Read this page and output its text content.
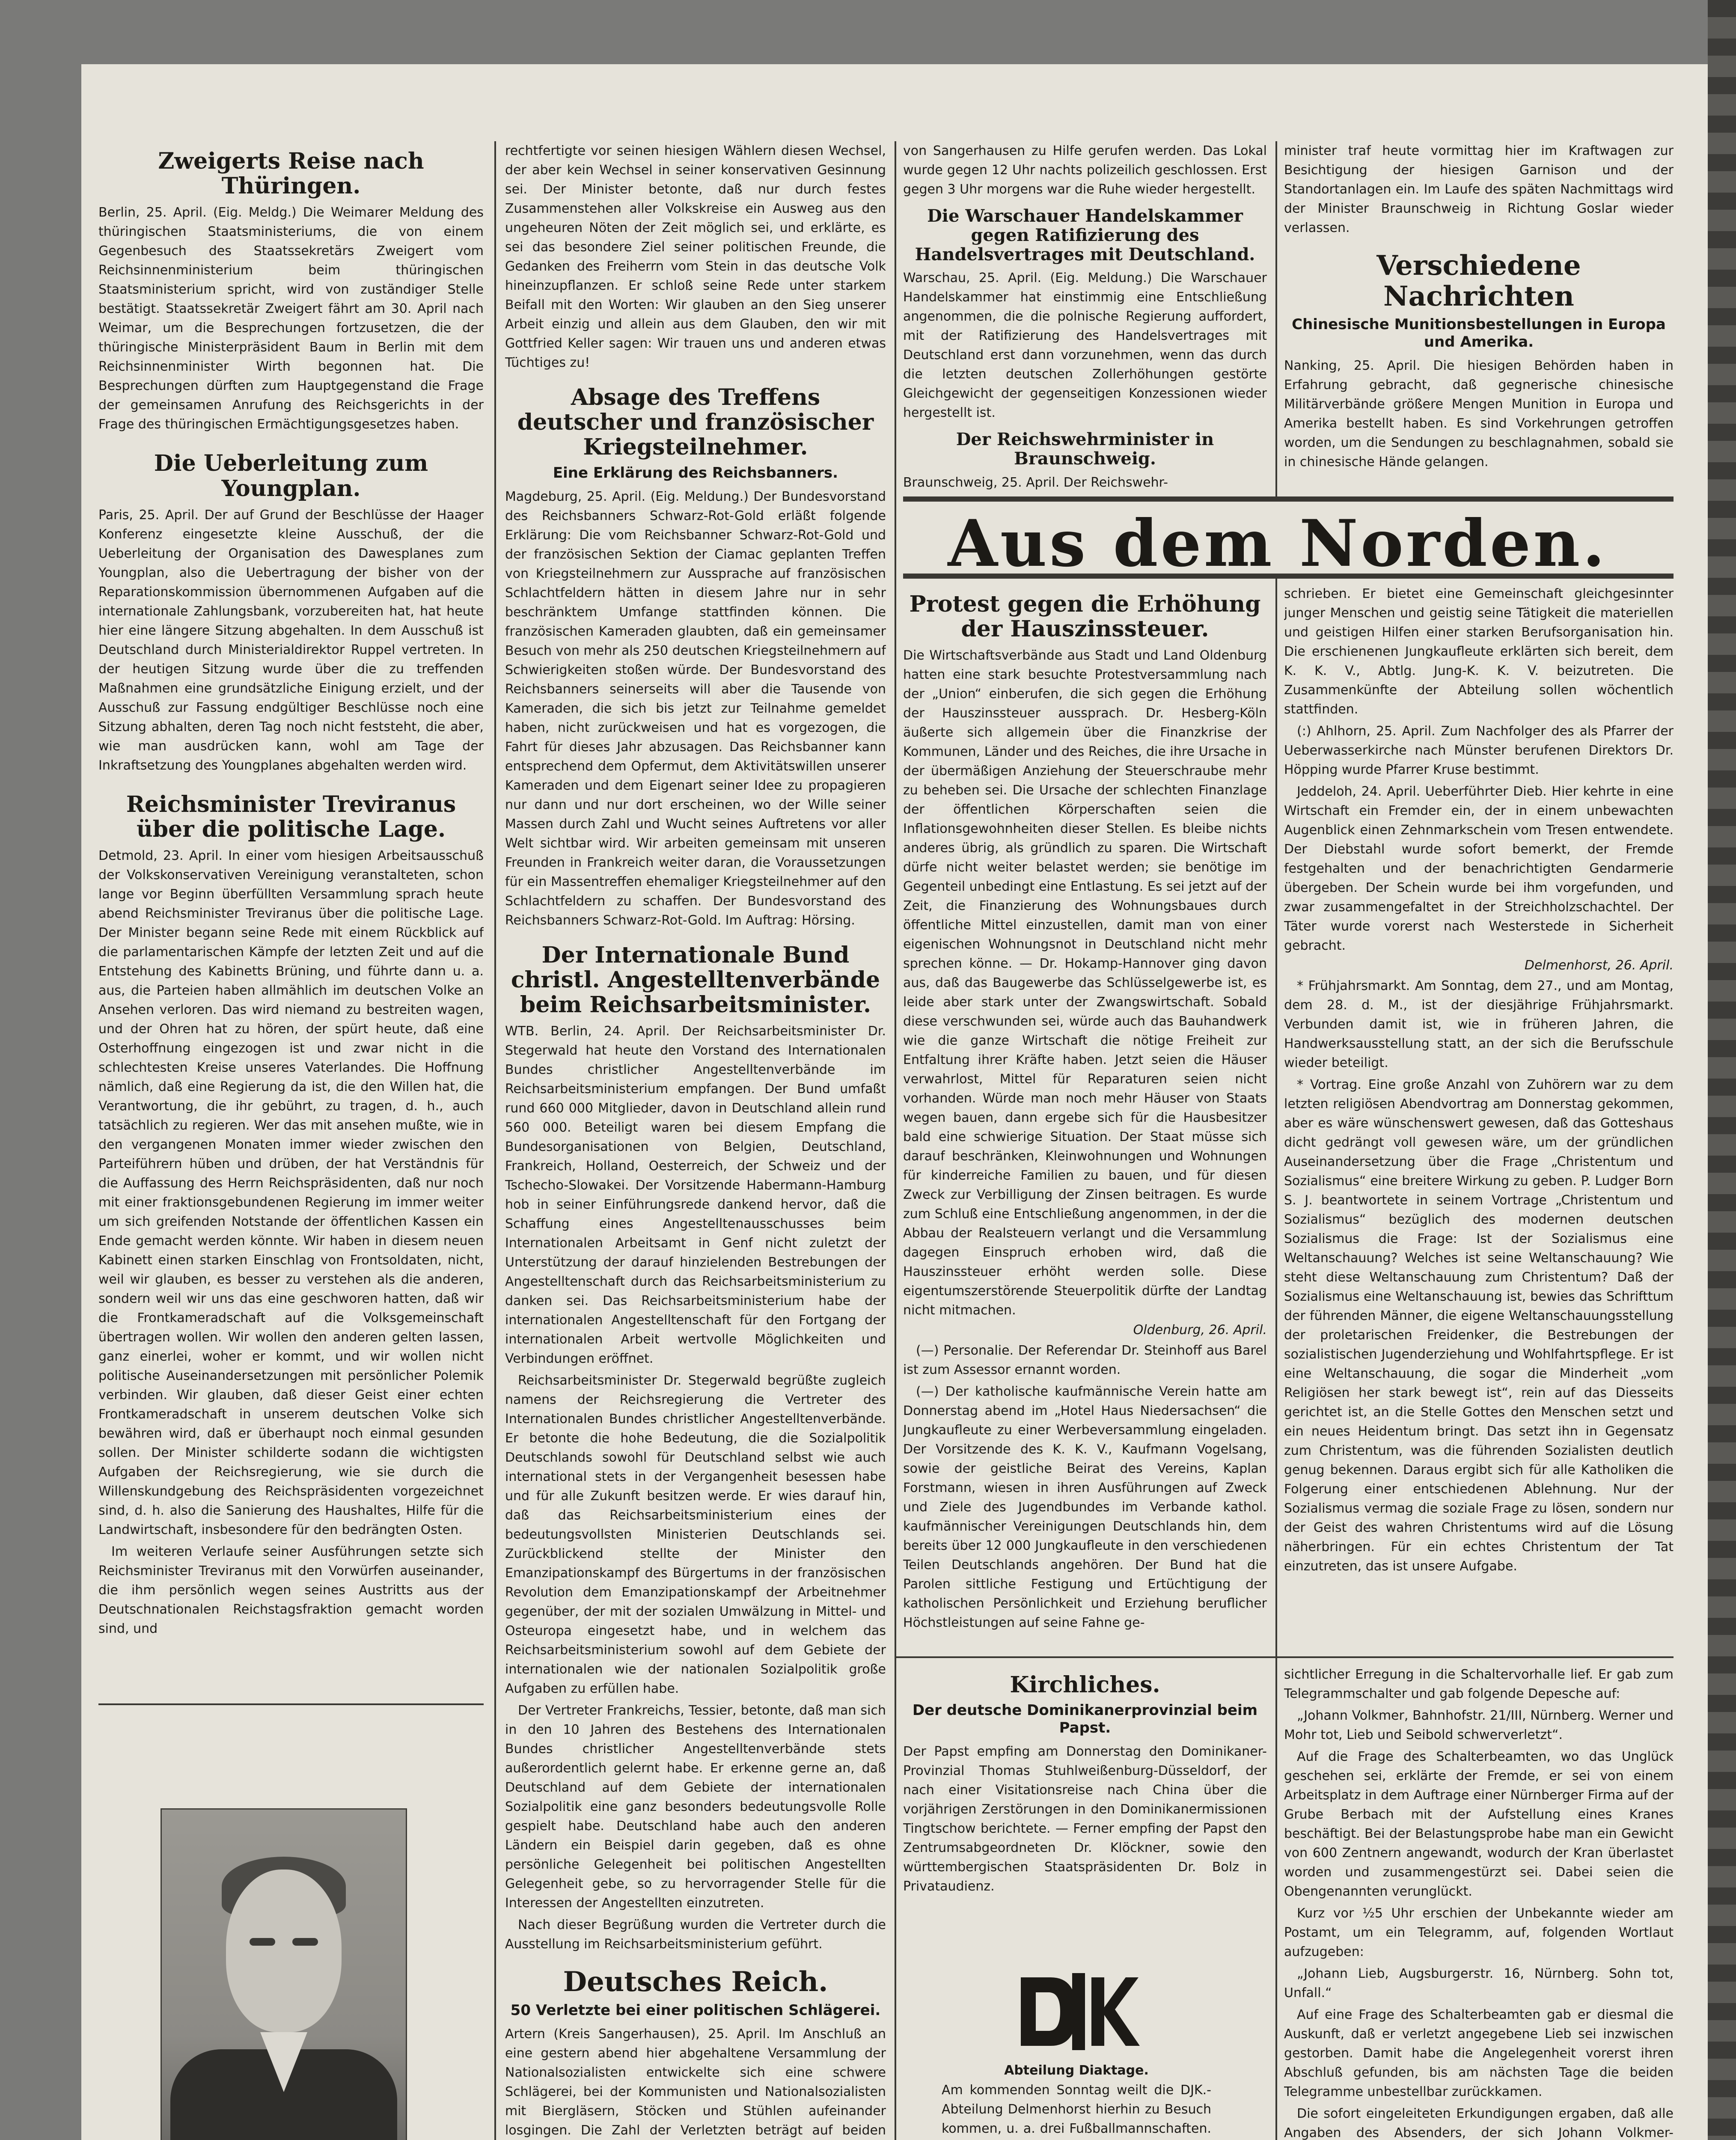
Zweigerts Reise nach Thüringen.

Berlin, 25. April. (Eig. Meldg.) Die Weimarer Meldung des thüringischen Staatsministeriums, die von einem Gegenbesuch des Staatssekretärs Zweigert vom Reichsinnenministerium beim thüringischen Staatsministerium spricht, wird von zuständiger Stelle bestätigt. Staatssekretär Zweigert fährt am 30. April nach Weimar, um die Besprechungen fortzusetzen, die der thüringische Ministerpräsident Baum in Berlin mit dem Reichsinnenminister Wirth begonnen hat. Die Besprechungen dürften zum Hauptgegenstand die Frage der gemeinsamen Anrufung des Reichsgerichts in der Frage des thüringischen Ermächtigungsgesetzes haben.

Die Ueberleitung zum Youngplan.

Paris, 25. April. Der auf Grund der Beschlüsse der Haager Konferenz eingesetzte kleine Ausschuß, der die Ueberleitung der Organisation des Dawesplanes zum Youngplan, also die Uebertragung der bisher von der Reparationskommission übernommenen Aufgaben auf die internationale Zahlungsbank, vorzubereiten hat, hat heute hier eine längere Sitzung abgehalten. In dem Ausschuß ist Deutschland durch Ministerialdirektor Ruppel vertreten. In der heutigen Sitzung wurde über die zu treffenden Maßnahmen eine grundsätzliche Einigung erzielt, und der Ausschuß zur Fassung endgültiger Beschlüsse noch eine Sitzung abhalten, deren Tag noch nicht feststeht, die aber, wie man ausdrücken kann, wohl am Tage der Inkraftsetzung des Youngplanes abgehalten werden wird.

Reichsminister Treviranus über die politische Lage.

Detmold, 23. April. In einer vom hiesigen Arbeitsausschuß der Volkskonservativen Vereinigung veranstalteten, schon lange vor Beginn überfüllten Versammlung sprach heute abend Reichsminister Treviranus über die politische Lage. Der Minister begann seine Rede mit einem Rückblick auf die parlamentarischen Kämpfe der letzten Zeit und auf die Entstehung des Kabinetts Brüning, und führte dann u. a. aus, die Parteien haben allmählich im deutschen Volke an Ansehen verloren. Das wird niemand zu bestreiten wagen, und der Ohren hat zu hören, der spürt heute, daß eine Osterhoffnung eingezogen ist und zwar nicht in die schlechtesten Kreise unseres Vaterlandes. Die Hoffnung nämlich, daß eine Regierung da ist, die den Willen hat, die Verantwortung, die ihr gebührt, zu tragen, d. h., auch tatsächlich zu regieren. Wer das mit ansehen mußte, wie in den vergangenen Monaten immer wieder zwischen den Parteiführern hüben und drüben, der hat Verständnis für die Auffassung des Herrn Reichspräsidenten, daß nur noch mit einer fraktionsgebundenen Regierung im immer weiter um sich greifenden Notstande der öffentlichen Kassen ein Ende gemacht werden könnte. Wir haben in diesem neuen Kabinett einen starken Einschlag von Frontsoldaten, nicht, weil wir glauben, es besser zu verstehen als die anderen, sondern weil wir uns das eine geschworen hatten, daß wir die Frontkameradschaft auf die Volksgemeinschaft übertragen wollen. Wir wollen den anderen gelten lassen, ganz einerlei, woher er kommt, und wir wollen nicht politische Auseinandersetzungen mit persönlicher Polemik verbinden. Wir glauben, daß dieser Geist einer echten Frontkameradschaft in unserem deutschen Volke sich bewähren wird, daß er überhaupt noch einmal gesunden sollen. Der Minister schilderte sodann die wichtigsten Aufgaben der Reichsregierung, wie sie durch die Willenskundgebung des Reichspräsidenten vorgezeichnet sind, d. h. also die Sanierung des Haushaltes, Hilfe für die Landwirtschaft, insbesondere für den bedrängten Osten.

Im weiteren Verlaufe seiner Ausführungen setzte sich Reichsminister Treviranus mit den Vorwürfen auseinander, die ihm persönlich wegen seines Austritts aus der Deutschnationalen Reichstagsfraktion gemacht worden sind, und

rechtfertigte vor seinen hiesigen Wählern diesen Wechsel, der aber kein Wechsel in seiner konservativen Gesinnung sei. Der Minister betonte, daß nur durch festes Zusammenstehen aller Volkskreise ein Ausweg aus den ungeheuren Nöten der Zeit möglich sei, und erklärte, es sei das besondere Ziel seiner politischen Freunde, die Gedanken des Freiherrn vom Stein in das deutsche Volk hineinzupflanzen. Er schloß seine Rede unter starkem Beifall mit den Worten: Wir glauben an den Sieg unserer Arbeit einzig und allein aus dem Glauben, den wir mit Gottfried Keller sagen: Wir trauen uns und anderen etwas Tüchtiges zu!

Absage des Treffens deutscher und französischer Kriegsteilnehmer.
Eine Erklärung des Reichsbanners.

Magdeburg, 25. April. (Eig. Meldung.) Der Bundesvorstand des Reichsbanners Schwarz-Rot-Gold erläßt folgende Erklärung: Die vom Reichsbanner Schwarz-Rot-Gold und der französischen Sektion der Ciamac geplanten Treffen von Kriegsteilnehmern zur Aussprache auf französischen Schlachtfeldern hätten in diesem Jahre nur in sehr beschränktem Umfange stattfinden können. Die französischen Kameraden glaubten, daß ein gemeinsamer Besuch von mehr als 250 deutschen Kriegsteilnehmern auf Schwierigkeiten stoßen würde. Der Bundesvorstand des Reichsbanners seinerseits will aber die Tausende von Kameraden, die sich bis jetzt zur Teilnahme gemeldet haben, nicht zurückweisen und hat es vorgezogen, die Fahrt für dieses Jahr abzusagen. Das Reichsbanner kann entsprechend dem Opfermut, dem Aktivitätswillen unserer Kameraden und dem Eigenart seiner Idee zu propagieren nur dann und nur dort erscheinen, wo der Wille seiner Massen durch Zahl und Wucht seines Auftretens vor aller Welt sichtbar wird. Wir arbeiten gemeinsam mit unseren Freunden in Frankreich weiter daran, die Voraussetzungen für ein Massentreffen ehemaliger Kriegsteilnehmer auf den Schlachtfeldern zu schaffen. Der Bundesvorstand des Reichsbanners Schwarz-Rot-Gold. Im Auftrag: Hörsing.

Der Internationale Bund christl. Angestelltenverbände beim Reichsarbeitsminister.

WTB. Berlin, 24. April. Der Reichsarbeitsminister Dr. Stegerwald hat heute den Vorstand des Internationalen Bundes christlicher Angestelltenverbände im Reichsarbeitsministerium empfangen. Der Bund umfaßt rund 660 000 Mitglieder, davon in Deutschland allein rund 560 000. Beteiligt waren bei diesem Empfang die Bundesorganisationen von Belgien, Deutschland, Frankreich, Holland, Oesterreich, der Schweiz und der Tschecho-Slowakei. Der Vorsitzende Habermann-Hamburg hob in seiner Einführungsrede dankend hervor, daß die Schaffung eines Angestelltenausschusses beim Internationalen Arbeitsamt in Genf nicht zuletzt der Unterstützung der darauf hinzielenden Bestrebungen der Angestelltenschaft durch das Reichsarbeitsministerium zu danken sei. Das Reichsarbeitsministerium habe der internationalen Angestelltenschaft für den Fortgang der internationalen Arbeit wertvolle Möglichkeiten und Verbindungen eröffnet.

Reichsarbeitsminister Dr. Stegerwald begrüßte zugleich namens der Reichsregierung die Vertreter des Internationalen Bundes christlicher Angestelltenverbände. Er betonte die hohe Bedeutung, die die Sozialpolitik Deutschlands sowohl für Deutschland selbst wie auch international stets in der Vergangenheit besessen habe und für alle Zukunft besitzen werde. Er wies darauf hin, daß das Reichsarbeitsministerium eines der bedeutungsvollsten Ministerien Deutschlands sei. Zurückblickend stellte der Minister den Emanzipationskampf des Bürgertums in der französischen Revolution dem Emanzipationskampf der Arbeitnehmer gegenüber, der mit der sozialen Umwälzung in Mittel- und Osteuropa eingesetzt habe, und in welchem das Reichsarbeitsministerium sowohl auf dem Gebiete der internationalen wie der nationalen Sozialpolitik große Aufgaben zu erfüllen habe.

Der Vertreter Frankreichs, Tessier, betonte, daß man sich in den 10 Jahren des Bestehens des Internationalen Bundes christlicher Angestelltenverbände stets außerordentlich gelernt habe. Er erkenne gerne an, daß Deutschland auf dem Gebiete der internationalen Sozialpolitik eine ganz besonders bedeutungsvolle Rolle gespielt habe. Deutschland habe auch den anderen Ländern ein Beispiel darin gegeben, daß es ohne persönliche Gelegenheit bei politischen Angestellten Gelegenheit gebe, so zu hervorragender Stelle für die Interessen der Angestellten einzutreten.

Nach dieser Begrüßung wurden die Vertreter durch die Ausstellung im Reichsarbeitsministerium geführt.

Deutsches Reich.
50 Verletzte bei einer politischen Schlägerei.

Artern (Kreis Sangerhausen), 25. April. Im Anschluß an eine gestern abend hier abgehaltene Versammlung der Nationalsozialisten entwickelte sich eine schwere Schlägerei, bei der Kommunisten und Nationalsozialisten mit Biergläsern, Stöcken und Stühlen aufeinander losgingen. Die Zahl der Verletzten beträgt auf beiden

von Sangerhausen zu Hilfe gerufen werden. Das Lokal wurde gegen 12 Uhr nachts polizeilich geschlossen. Erst gegen 3 Uhr morgens war die Ruhe wieder hergestellt.

Die Warschauer Handelskammer gegen Ratifizierung des Handelsvertrages mit Deutschland.

Warschau, 25. April. (Eig. Meldung.) Die Warschauer Handelskammer hat einstimmig eine Entschließung angenommen, die die polnische Regierung auffordert, mit der Ratifizierung des Handelsvertrages mit Deutschland erst dann vorzunehmen, wenn das durch die letzten deutschen Zollerhöhungen gestörte Gleichgewicht der gegenseitigen Konzessionen wieder hergestellt ist.

Der Reichswehrminister in Braunschweig.

Braunschweig, 25. April. Der Reichswehr-

minister traf heute vormittag hier im Kraftwagen zur Besichtigung der hiesigen Garnison und der Standortanlagen ein. Im Laufe des späten Nachmittags wird der Minister Braunschweig in Richtung Goslar wieder verlassen.

Verschiedene Nachrichten
Chinesische Munitionsbestellungen in Europa und Amerika.

Nanking, 25. April. Die hiesigen Behörden haben in Erfahrung gebracht, daß gegnerische chinesische Militärverbände größere Mengen Munition in Europa und Amerika bestellt haben. Es sind Vorkehrungen getroffen worden, um die Sendungen zu beschlagnahmen, sobald sie in chinesische Hände gelangen.

Aus dem Norden.
Protest gegen die Erhöhung der Hauszinssteuer.

Die Wirtschaftsverbände aus Stadt und Land Oldenburg hatten eine stark besuchte Protestversammlung nach der „Union“ einberufen, die sich gegen die Erhöhung der Hauszinssteuer aussprach. Dr. Hesberg-Köln äußerte sich allgemein über die Finanzkrise der Kommunen, Länder und des Reiches, die ihre Ursache in der übermäßigen Anziehung der Steuerschraube mehr zu beheben sei. Die Ursache der schlechten Finanzlage der öffentlichen Körperschaften seien die Inflationsgewohnheiten dieser Stellen. Es bleibe nichts anderes übrig, als gründlich zu sparen. Die Wirtschaft dürfe nicht weiter belastet werden; sie benötige im Gegenteil unbedingt eine Entlastung. Es sei jetzt auf der Zeit, die Finanzierung des Wohnungsbaues durch öffentliche Mittel einzustellen, damit man von einer eigenischen Wohnungsnot in Deutschland nicht mehr sprechen könne. — Dr. Hokamp-Hannover ging davon aus, daß das Baugewerbe das Schlüsselgewerbe ist, es leide aber stark unter der Zwangswirtschaft. Sobald diese verschwunden sei, würde auch das Bauhandwerk wie die ganze Wirtschaft die nötige Freiheit zur Entfaltung ihrer Kräfte haben. Jetzt seien die Häuser verwahrlost, Mittel für Reparaturen seien nicht vorhanden. Würde man noch mehr Häuser von Staats wegen bauen, dann ergebe sich für die Hausbesitzer bald eine schwierige Situation. Der Staat müsse sich darauf beschränken, Kleinwohnungen und Wohnungen für kinderreiche Familien zu bauen, und für diesen Zweck zur Verbilligung der Zinsen beitragen. Es wurde zum Schluß eine Entschließung angenommen, in der die Abbau der Realsteuern verlangt und die Versammlung dagegen Einspruch erhoben wird, daß die Hauszinssteuer erhöht werden solle. Diese eigentumszerstörende Steuerpolitik dürfte der Landtag nicht mitmachen.

Oldenburg, 26. April.

(—) Personalie. Der Referendar Dr. Steinhoff aus Barel ist zum Assessor ernannt worden.

(—) Der katholische kaufmännische Verein hatte am Donnerstag abend im „Hotel Haus Niedersachsen“ die Jungkaufleute zu einer Werbeversammlung eingeladen. Der Vorsitzende des K. K. V., Kaufmann Vogelsang, sowie der geistliche Beirat des Vereins, Kaplan Forstmann, wiesen in ihren Ausführungen auf Zweck und Ziele des Jugendbundes im Verbande kathol. kaufmännischer Vereinigungen Deutschlands hin, dem bereits über 12 000 Jungkaufleute in den verschiedenen Teilen Deutschlands angehören. Der Bund hat die Parolen sittliche Festigung und Ertüchtigung der katholischen Persönlichkeit und Erziehung beruflicher Höchstleistungen auf seine Fahne ge-

schrieben. Er bietet eine Gemeinschaft gleichgesinnter junger Menschen und geistig seine Tätigkeit die materiellen und geistigen Hilfen einer starken Berufsorganisation hin. Die erschienenen Jungkaufleute erklärten sich bereit, dem K. K. V., Abtlg. Jung-K. K. V. beizutreten. Die Zusammenkünfte der Abteilung sollen wöchentlich stattfinden.

(:) Ahlhorn, 25. April. Zum Nachfolger des als Pfarrer der Ueberwasserkirche nach Münster berufenen Direktors Dr. Höpping wurde Pfarrer Kruse bestimmt.

Jeddeloh, 24. April. Ueberführter Dieb. Hier kehrte in eine Wirtschaft ein Fremder ein, der in einem unbewachten Augenblick einen Zehnmarkschein vom Tresen entwendete. Der Diebstahl wurde sofort bemerkt, der Fremde festgehalten und der benachrichtigten Gendarmerie übergeben. Der Schein wurde bei ihm vorgefunden, und zwar zusammengefaltet in der Streichholzschachtel. Der Täter wurde vorerst nach Westerstede in Sicherheit gebracht.

Delmenhorst, 26. April.

* Frühjahrsmarkt. Am Sonntag, dem 27., und am Montag, dem 28. d. M., ist der diesjährige Frühjahrsmarkt. Verbunden damit ist, wie in früheren Jahren, die Handwerksausstellung statt, an der sich die Berufsschule wieder beteiligt.

* Vortrag. Eine große Anzahl von Zuhörern war zu dem letzten religiösen Abendvortrag am Donnerstag gekommen, aber es wäre wünschenswert gewesen, daß das Gotteshaus dicht gedrängt voll gewesen wäre, um der gründlichen Auseinandersetzung über die Frage „Christentum und Sozialismus“ eine breitere Wirkung zu geben. P. Ludger Born S. J. beantwortete in seinem Vortrage „Christentum und Sozialismus“ bezüglich des modernen deutschen Sozialismus die Frage: Ist der Sozialismus eine Weltanschauung? Welches ist seine Weltanschauung? Wie steht diese Weltanschauung zum Christentum? Daß der Sozialismus eine Weltanschauung ist, bewies das Schrifttum der führenden Männer, die eigene Weltanschauungsstellung der proletarischen Freidenker, die Bestrebungen der sozialistischen Jugenderziehung und Wohlfahrtspflege. Er ist eine Weltanschauung, die sogar die Minderheit „vom Religiösen her stark bewegt ist“, rein auf das Diesseits gerichtet ist, an die Stelle Gottes den Menschen setzt und ein neues Heidentum bringt. Das setzt ihn in Gegensatz zum Christentum, was die führenden Sozialisten deutlich genug bekennen. Daraus ergibt sich für alle Katholiken die Folgerung einer entschiedenen Ablehnung. Nur der Sozialismus vermag die soziale Frage zu lösen, sondern nur der Geist des wahren Christentums wird auf die Lösung näherbringen. Für ein echtes Christentum der Tat einzutreten, das ist unsere Aufgabe.

Kirchliches.
Der deutsche Dominikanerprovinzial beim Papst.

Der Papst empfing am Donnerstag den Dominikaner-Provinzial Thomas Stuhlweißenburg-Düsseldorf, der nach einer Visitationsreise nach China über die vorjährigen Zerstörungen in den Dominikanermissionen Tingtschow berichtete. — Ferner empfing der Papst den Zentrumsabgeordneten Dr. Klöckner, sowie den württembergischen Staatspräsidenten Dr. Bolz in Privataudienz.

Abteilung Diaktage.

Am kommenden Sonntag weilt die DJK.-Abteilung Delmenhorst hierhin zu Besuch kommen, u. a. drei Fußballmannschaften.

sichtlicher Erregung in die Schaltervorhalle lief. Er gab zum Telegrammschalter und gab folgende Depesche auf:

„Johann Volkmer, Bahnhofstr. 21/III, Nürnberg. Werner und Mohr tot, Lieb und Seibold schwerverletzt“.

Auf die Frage des Schalterbeamten, wo das Unglück geschehen sei, erklärte der Fremde, er sei von einem Arbeitsplatz in dem Auftrage einer Nürnberger Firma auf der Grube Berbach mit der Aufstellung eines Kranes beschäftigt. Bei der Belastungsprobe habe man ein Gewicht von 600 Zentnern angewandt, wodurch der Kran überlastet worden und zusammengestürzt sei. Dabei seien die Obengenannten verunglückt.

Kurz vor ½5 Uhr erschien der Unbekannte wieder am Postamt, um ein Telegramm, auf, folgenden Wortlaut aufzugeben:

„Johann Lieb, Augsburgerstr. 16, Nürnberg. Sohn tot, Unfall.“

Auf eine Frage des Schalterbeamten gab er diesmal die Auskunft, daß er verletzt angegebene Lieb sei inzwischen gestorben. Damit habe die Angelegenheit vorerst ihren Abschluß gefunden, bis am nächsten Tage die beiden Telegramme unbestellbar zurückkamen.

Die sofort eingeleiteten Erkundigungen ergaben, daß alle Angaben des Absenders, der sich Johann Volkmer-
